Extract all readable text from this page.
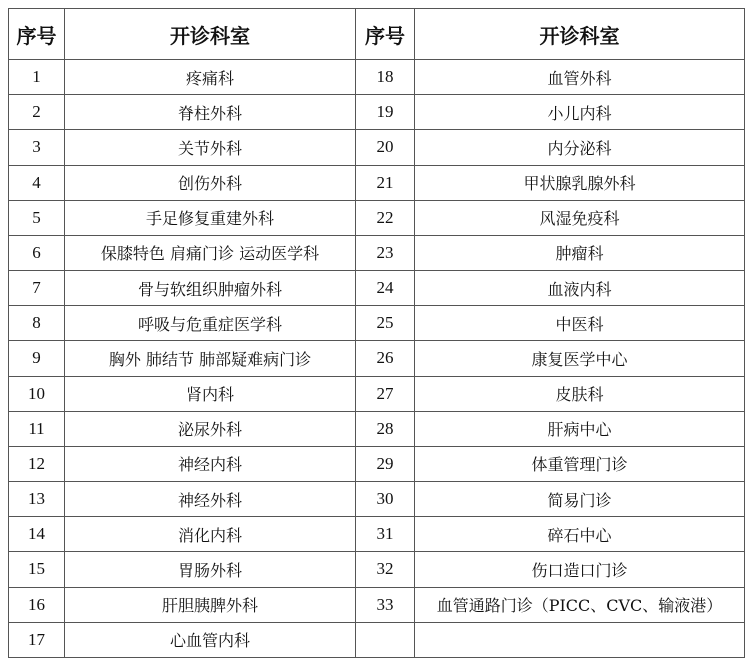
序号	开诊科室	序号	开诊科室
1	疼痛科	18	血管外科
2	脊柱外科	19	小儿内科
3	关节外科	20	内分泌科
4	创伤外科	21	甲状腺乳腺外科
5	手足修复重建外科	22	风湿免疫科
6	保膝特色 肩痛门诊 运动医学科	23	肿瘤科
7	骨与软组织肿瘤外科	24	血液内科
8	呼吸与危重症医学科	25	中医科
9	胸外 肺结节 肺部疑难病门诊	26	康复医学中心
10	肾内科	27	皮肤科
11	泌尿外科	28	肝病中心
12	神经内科	29	体重管理门诊
13	神经外科	30	简易门诊
14	消化内科	31	碎石中心
15	胃肠外科	32	伤口造口门诊
16	肝胆胰脾外科	33	血管通路门诊（PICC、CVC、输液港）
17	心血管内科		
